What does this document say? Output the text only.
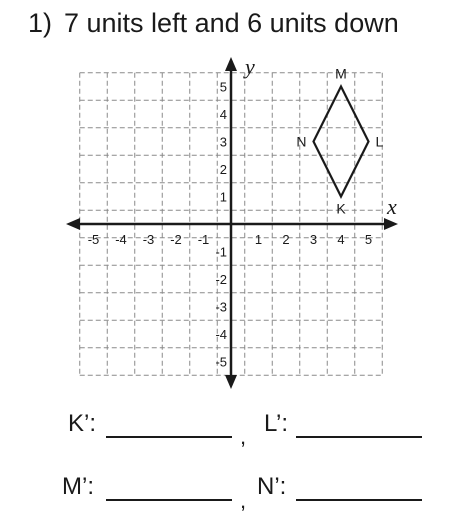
1) 7 units left and 6 units down
x
y
-5 -4 -3 -2 -1	1 2 3 4 5
5
4
3
2
1
-1
-2
-3
-4
-5
M
L
K
N
K’:	, L’:
M’:
,
N’:
